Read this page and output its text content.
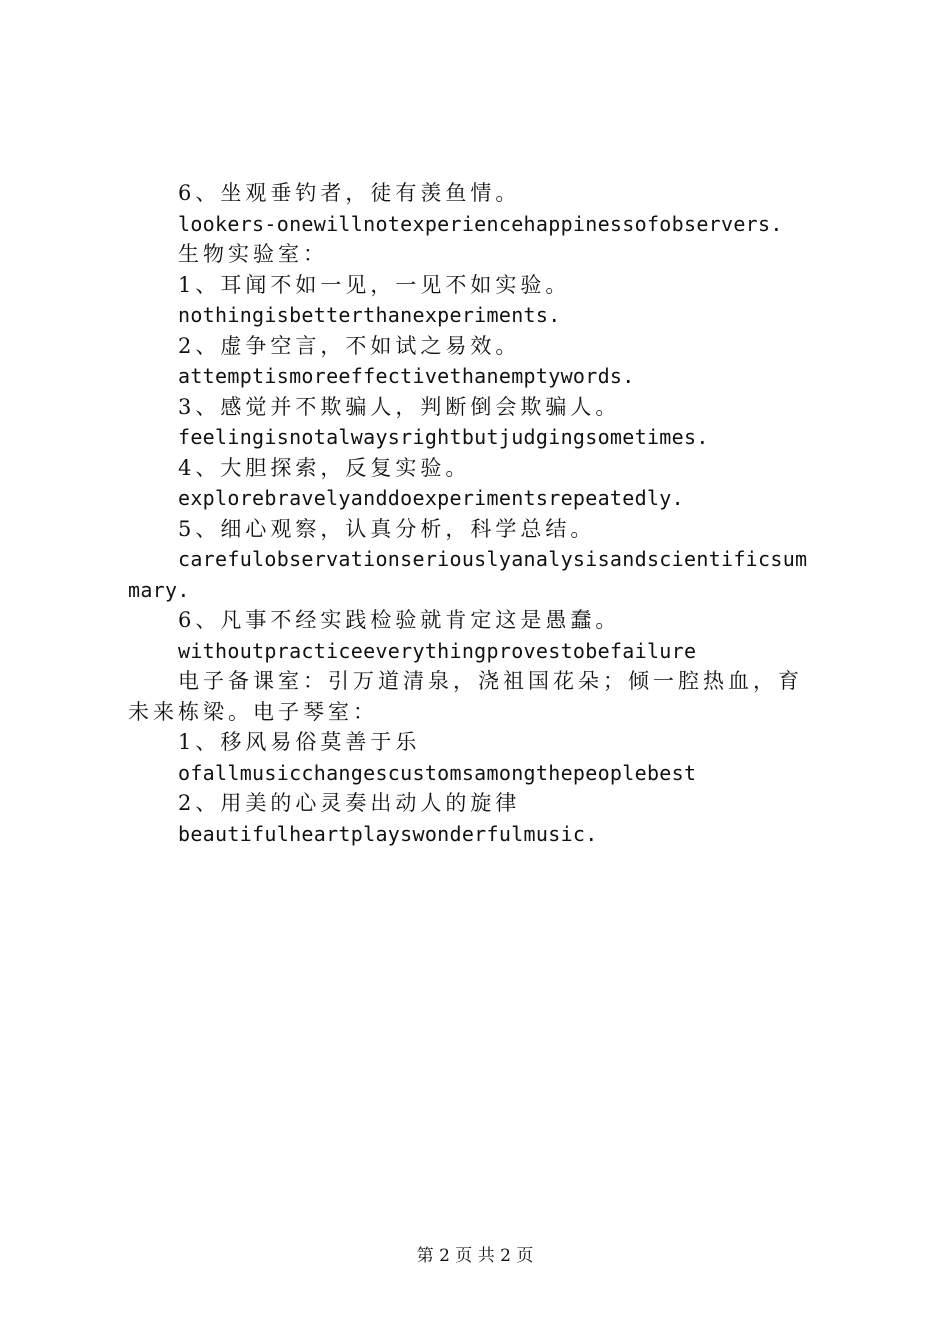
6、坐观垂钓者，徒有羡鱼情。
lookers-onewillnotexperiencehappinessofobservers.
生物实验室：
1、耳闻不如一见，一见不如实验。
nothingisbetterthanexperiments.
2、虚争空言，不如试之易效。
attemptismoreeffectivethanemptywords.
3、感觉并不欺骗人，判断倒会欺骗人。
feelingisnotalwaysrightbutjudgingsometimes.
4、大胆探索，反复实验。
explorebravelyanddoexperimentsrepeatedly.
5、细心观察，认真分析，科学总结。
carefulobservationseriouslyanalysisandscientificsum
mary.
6、凡事不经实践检验就肯定这是愚蠢。
withoutpracticeeverythingprovestobefailure
电子备课室：引万道清泉，浇祖国花朵；倾一腔热血，育
未来栋梁。电子琴室：
1、移风易俗莫善于乐
ofallmusicchangescustomsamongthepeoplebest
2、用美的心灵奏出动人的旋律
beautifulheartplayswonderfulmusic.
第 2 页 共 2 页
